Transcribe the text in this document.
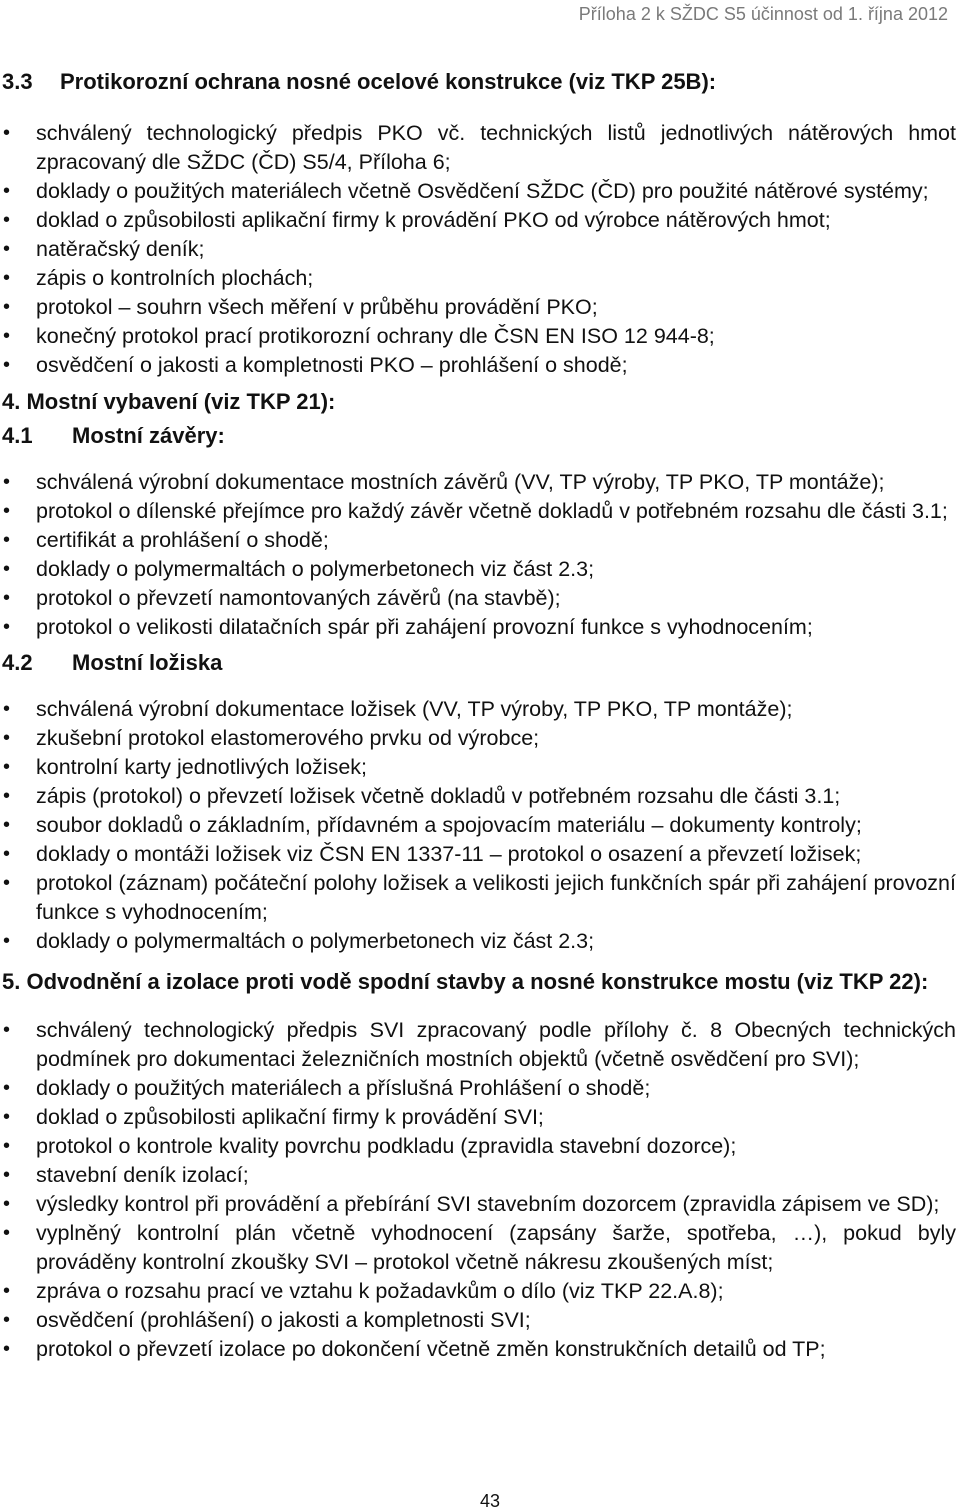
Příloha 2 k SŽDC S5 účinnost od 1. října 2012
3.3 Protikorozní ochrana nosné ocelové konstrukce (viz TKP 25B):
• schválený technologický předpis PKO vč. technických listů jednotlivých nátěrových hmot zpracovaný dle SŽDC (ČD) S5/4, Příloha 6;
• doklady o použitých materiálech včetně Osvědčení SŽDC (ČD) pro použité nátěrové systémy;
• doklad o způsobilosti aplikační firmy k provádění PKO od výrobce nátěrových hmot;
• natěračský deník;
• zápis o kontrolních plochách;
• protokol – souhrn všech měření v průběhu provádění PKO;
• konečný protokol prací protikorozní ochrany dle ČSN EN ISO 12 944-8;
• osvědčení o jakosti a kompletnosti PKO – prohlášení o shodě;
4. Mostní vybavení (viz TKP 21):
4.1 Mostní závěry:
• schválená výrobní dokumentace mostních závěrů (VV, TP výroby, TP PKO, TP montáže);
• protokol o dílenské přejímce pro každý závěr včetně dokladů v potřebném rozsahu dle části 3.1;
• certifikát a prohlášení o shodě;
• doklady o polymermaltách o polymerbetonech viz část 2.3;
• protokol o převzetí namontovaných závěrů (na stavbě);
• protokol o velikosti dilatačních spár při zahájení provozní funkce s vyhodnocením;
4.2 Mostní ložiska
• schválená výrobní dokumentace ložisek (VV, TP výroby, TP PKO, TP montáže);
• zkušební protokol elastomerového prvku od výrobce;
• kontrolní karty jednotlivých ložisek;
• zápis (protokol) o převzetí ložisek včetně dokladů v potřebném rozsahu dle části 3.1;
• soubor dokladů o základním, přídavném a spojovacím materiálu – dokumenty kontroly;
• doklady o montáži ložisek viz ČSN EN 1337-11 – protokol o osazení a převzetí ložisek;
• protokol (záznam) počáteční polohy ložisek a velikosti jejich funkčních spár při zahájení provozní funkce s vyhodnocením;
• doklady o polymermaltách o polymerbetonech viz část 2.3;
5. Odvodnění a izolace proti vodě spodní stavby a nosné konstrukce mostu (viz TKP 22):
• schválený technologický předpis SVI zpracovaný podle přílohy č. 8 Obecných technických podmínek pro dokumentaci železničních mostních objektů (včetně osvědčení pro SVI);
• doklady o použitých materiálech a příslušná Prohlášení o shodě;
• doklad o způsobilosti aplikační firmy k provádění SVI;
• protokol o kontrole kvality povrchu podkladu (zpravidla stavební dozorce);
• stavební deník izolací;
• výsledky kontrol při provádění a přebírání SVI stavebním dozorcem (zpravidla zápisem ve SD);
• vyplněný kontrolní plán včetně vyhodnocení (zapsány šarže, spotřeba, …), pokud byly prováděny kontrolní zkoušky SVI – protokol včetně nákresu zkoušených míst;
• zpráva o rozsahu prací ve vztahu k požadavkům o dílo (viz TKP 22.A.8);
• osvědčení (prohlášení) o jakosti a kompletnosti SVI;
• protokol o převzetí izolace po dokončení včetně změn konstrukčních detailů od TP;
43
